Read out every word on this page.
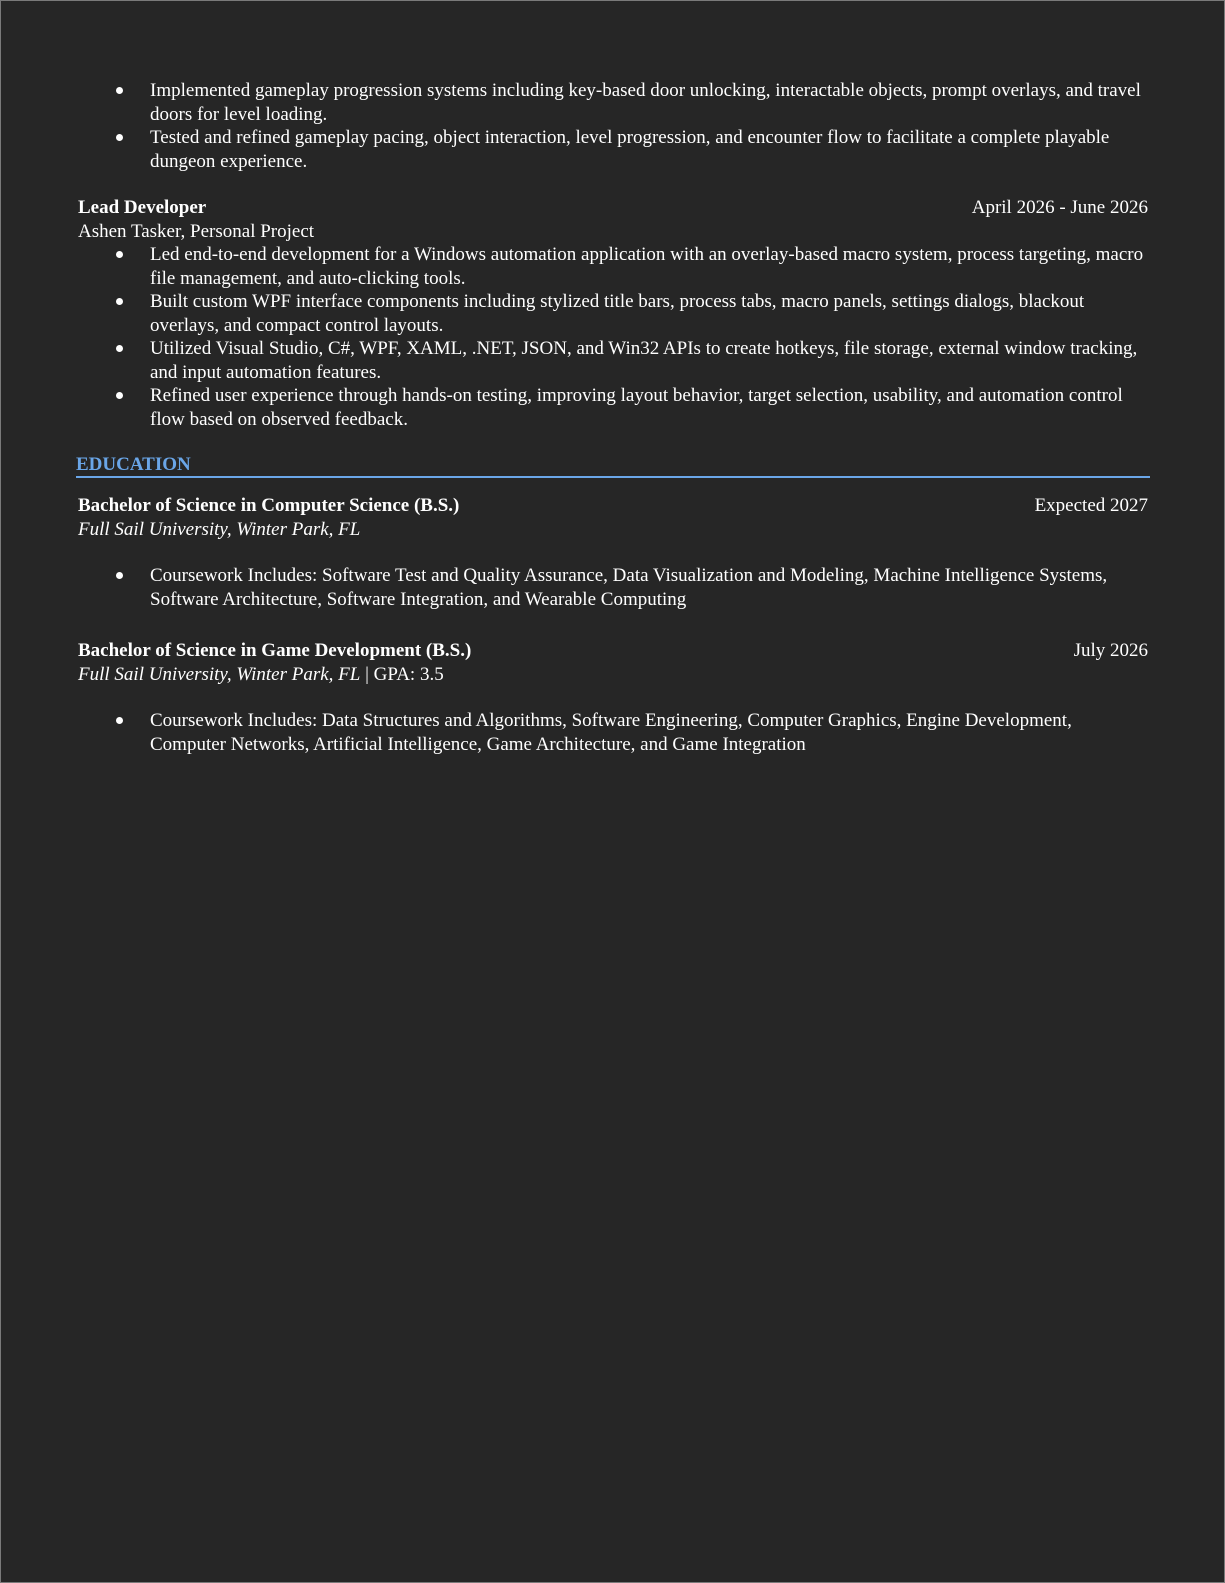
Implemented gameplay progression systems including key-based door unlocking, interactable objects, prompt overlays, and travel doors for level loading.
Tested and refined gameplay pacing, object interaction, level progression, and encounter flow to facilitate a complete playable dungeon experience.
Lead Developer	April 2026 - June 2026
Ashen Tasker, Personal Project
Led end-to-end development for a Windows automation application with an overlay-based macro system, process targeting, macro file management, and auto-clicking tools.
Built custom WPF interface components including stylized title bars, process tabs, macro panels, settings dialogs, blackout overlays, and compact control layouts.
Utilized Visual Studio, C#, WPF, XAML, .NET, JSON, and Win32 APIs to create hotkeys, file storage, external window tracking, and input automation features.
Refined user experience through hands-on testing, improving layout behavior, target selection, usability, and automation control flow based on observed feedback.
EDUCATION
Bachelor of Science in Computer Science (B.S.)	Expected 2027
Full Sail University, Winter Park, FL
Coursework Includes: Software Test and Quality Assurance, Data Visualization and Modeling, Machine Intelligence Systems, Software Architecture, Software Integration, and Wearable Computing
Bachelor of Science in Game Development (B.S.)	July 2026
Full Sail University, Winter Park, FL | GPA: 3.5
Coursework Includes: Data Structures and Algorithms, Software Engineering, Computer Graphics, Engine Development, Computer Networks, Artificial Intelligence, Game Architecture, and Game Integration
